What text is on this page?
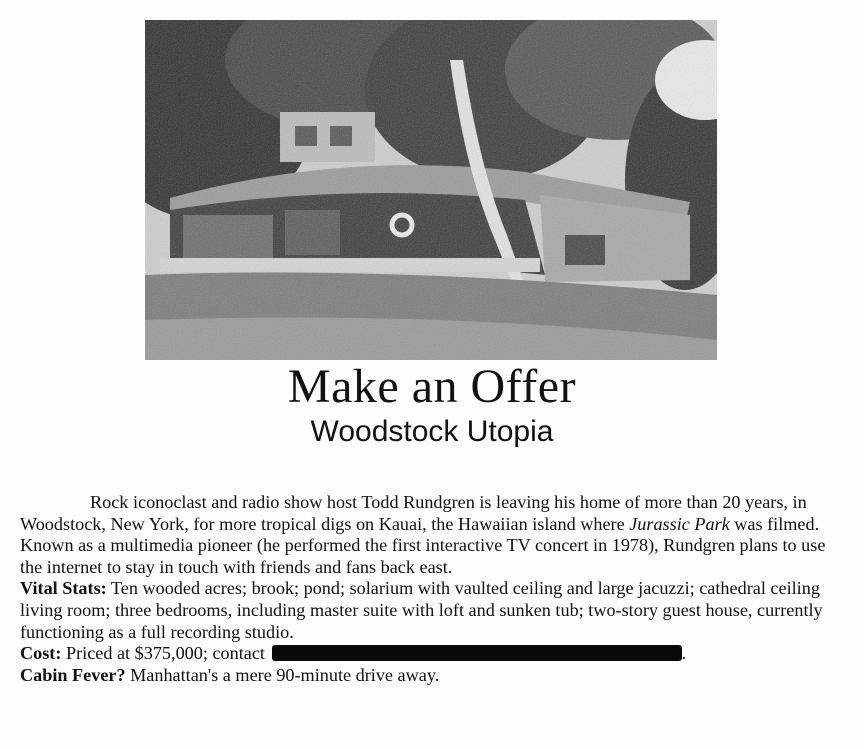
Make an Offer
Woodstock Utopia

Rock iconoclast and radio show host Todd Rundgren is leaving his home of more than 20 years, in Woodstock, New York, for more tropical digs on Kauai, the Hawaiian island where Jurassic Park was filmed. Known as a multimedia pioneer (he performed the first interactive TV concert in 1978), Rundgren plans to use the internet to stay in touch with friends and fans back east.

Vital Stats: Ten wooded acres; brook; pond; solarium with vaulted ceiling and large jacuzzi; cathedral ceiling living room; three bedrooms, including master suite with loft and sunken tub; two-story guest house, currently functioning as a full recording studio.

Cost: Priced at $375,000; contact	.

Cabin Fever? Manhattan's a mere 90-minute drive away.
